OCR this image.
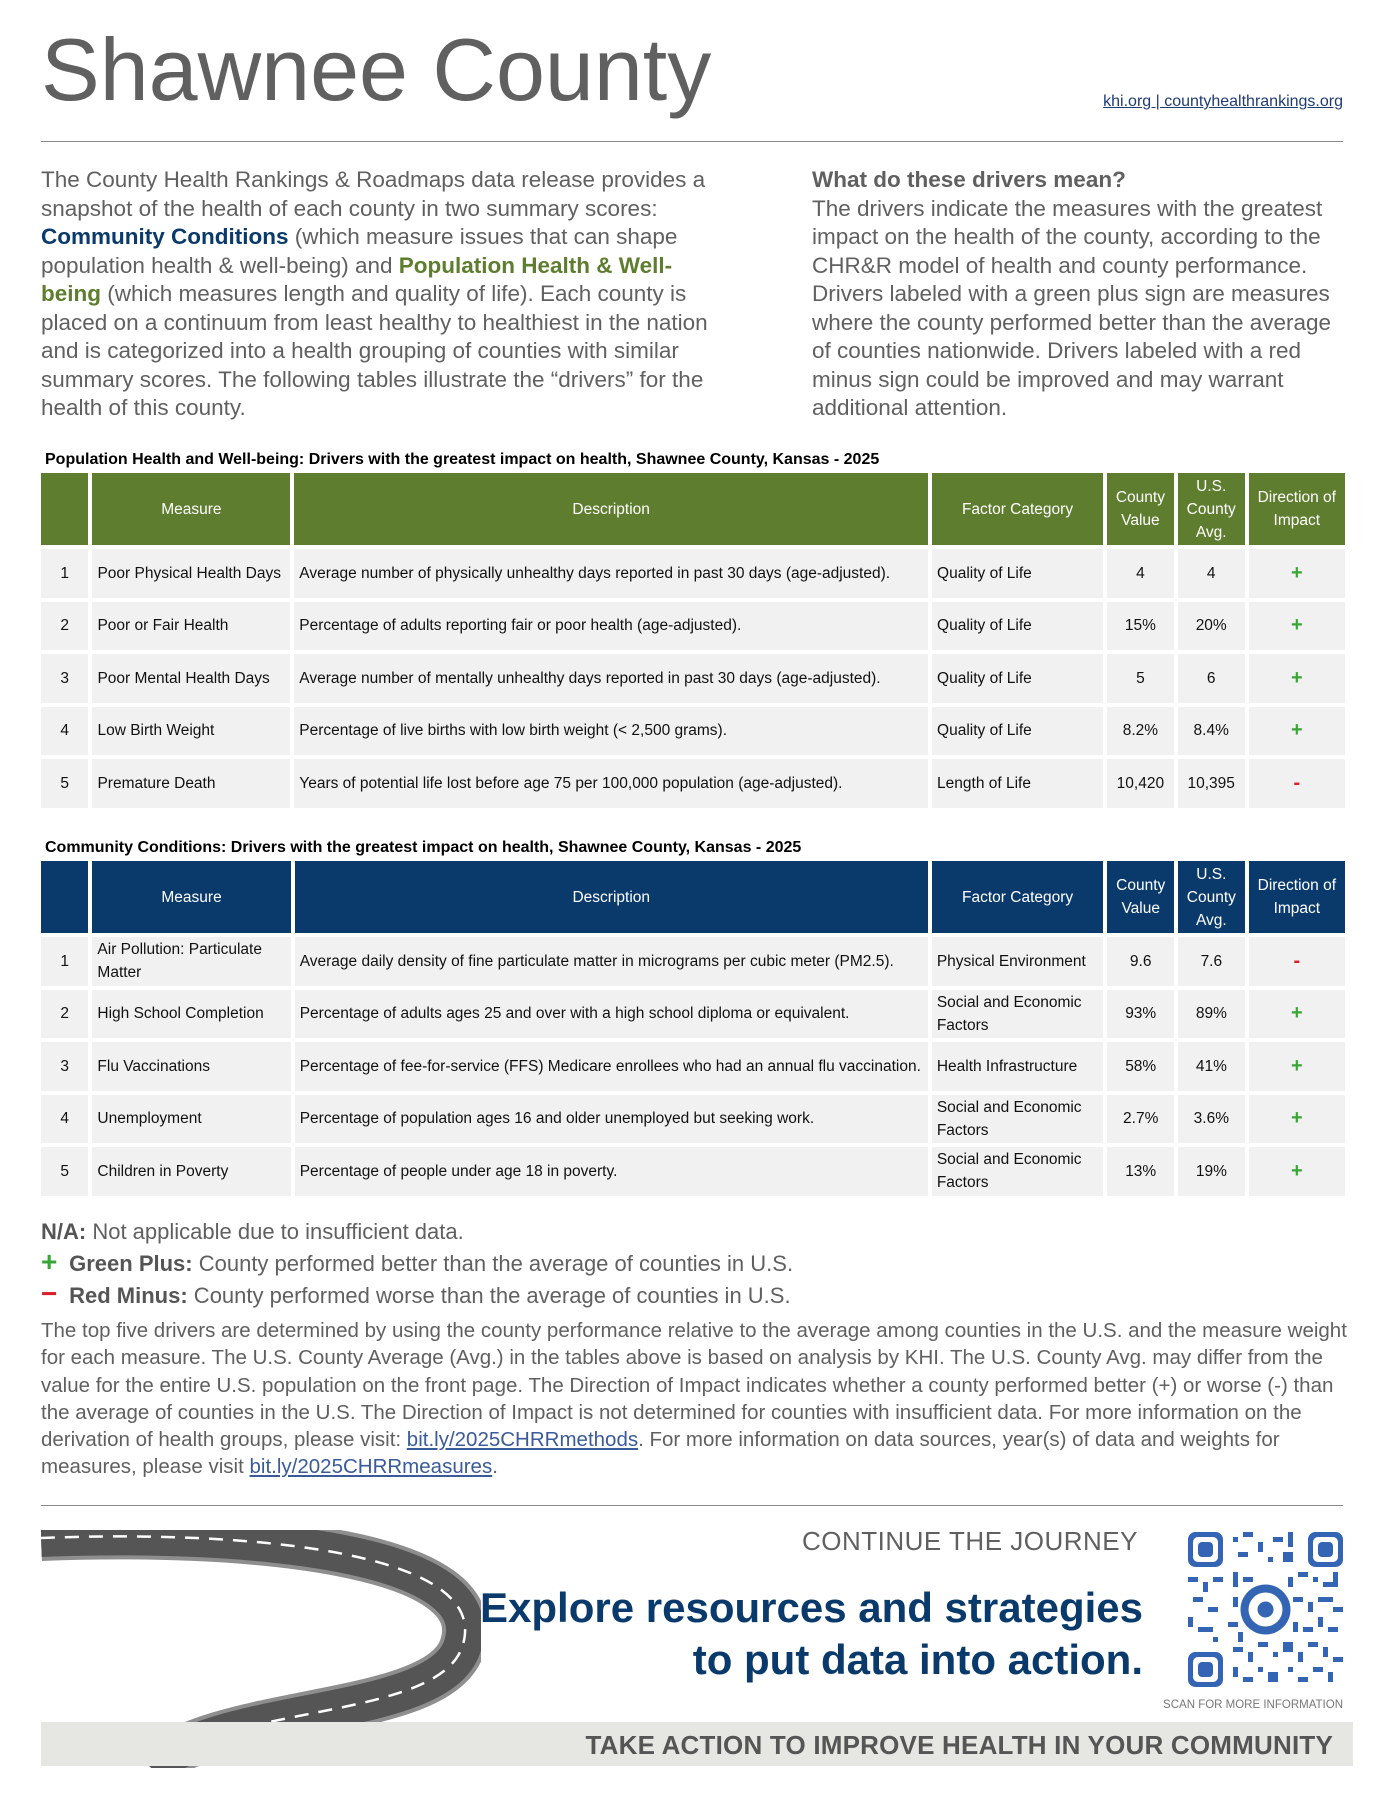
Shawnee County	khi.org | countyhealthrankings.org

The County Health Rankings & Roadmaps data release provides a snapshot of the health of each county in two summary scores: Community Conditions (which measure issues that can shape population health & well-being) and Population Health & Well-being (which measures length and quality of life). Each county is placed on a continuum from least healthy to healthiest in the nation and is categorized into a health grouping of counties with similar summary scores. The following tables illustrate the “drivers” for the health of this county.

What do these drivers mean?

The drivers indicate the measures with the greatest impact on the health of the county, according to the CHR&R model of health and county performance. Drivers labeled with a green plus sign are measures where the county performed better than the average of counties nationwide. Drivers labeled with a red minus sign could be improved and may warrant additional attention.

Population Health and Well-being: Drivers with the greatest impact on health, Shawnee County, Kansas - 2025
	Measure	Description	Factor Category	County Value	U.S. County Avg.	Direction of Impact
1	Poor Physical Health Days	Average number of physically unhealthy days reported in past 30 days (age-adjusted).	Quality of Life	4	4	+
2	Poor or Fair Health	Percentage of adults reporting fair or poor health (age-adjusted).	Quality of Life	15%	20%	+
3	Poor Mental Health Days	Average number of mentally unhealthy days reported in past 30 days (age-adjusted).	Quality of Life	5	6	+
4	Low Birth Weight	Percentage of live births with low birth weight (< 2,500 grams).	Quality of Life	8.2%	8.4%	+
5	Premature Death	Years of potential life lost before age 75 per 100,000 population (age-adjusted).	Length of Life	10,420	10,395	-
Community Conditions: Drivers with the greatest impact on health, Shawnee County, Kansas - 2025
	Measure	Description	Factor Category	County Value	U.S. County Avg.	Direction of Impact
1	Air Pollution: Particulate Matter	Average daily density of fine particulate matter in micrograms per cubic meter (PM2.5).	Physical Environment	9.6	7.6	-
2	High School Completion	Percentage of adults ages 25 and over with a high school diploma or equivalent.	Social and Economic Factors	93%	89%	+
3	Flu Vaccinations	Percentage of fee-for-service (FFS) Medicare enrollees who had an annual flu vaccination.	Health Infrastructure	58%	41%	+
4	Unemployment	Percentage of population ages 16 and older unemployed but seeking work.	Social and Economic Factors	2.7%	3.6%	+
5	Children in Poverty	Percentage of people under age 18 in poverty.	Social and Economic Factors	13%	19%	+
N/A: Not applicable due to insufficient data.
+ Green Plus: County performed better than the average of counties in U.S.
− Red Minus: County performed worse than the average of counties in U.S.

The top five drivers are determined by using the county performance relative to the average among counties in the U.S. and the measure weight for each measure. The U.S. County Average (Avg.) in the tables above is based on analysis by KHI. The U.S. County Avg. may differ from the value for the entire U.S. population on the front page. The Direction of Impact indicates whether a county performed better (+) or worse (-) than the average of counties in the U.S. The Direction of Impact is not determined for counties with insufficient data. For more information on the derivation of health groups, please visit: bit.ly/2025CHRRmethods. For more information on data sources, year(s) of data and weights for measures, please visit bit.ly/2025CHRRmeasures.

CONTINUE THE JOURNEY
Explore resources and strategies
to put data into action.
SCAN FOR MORE INFORMATION
TAKE ACTION TO IMPROVE HEALTH IN YOUR COMMUNITY
